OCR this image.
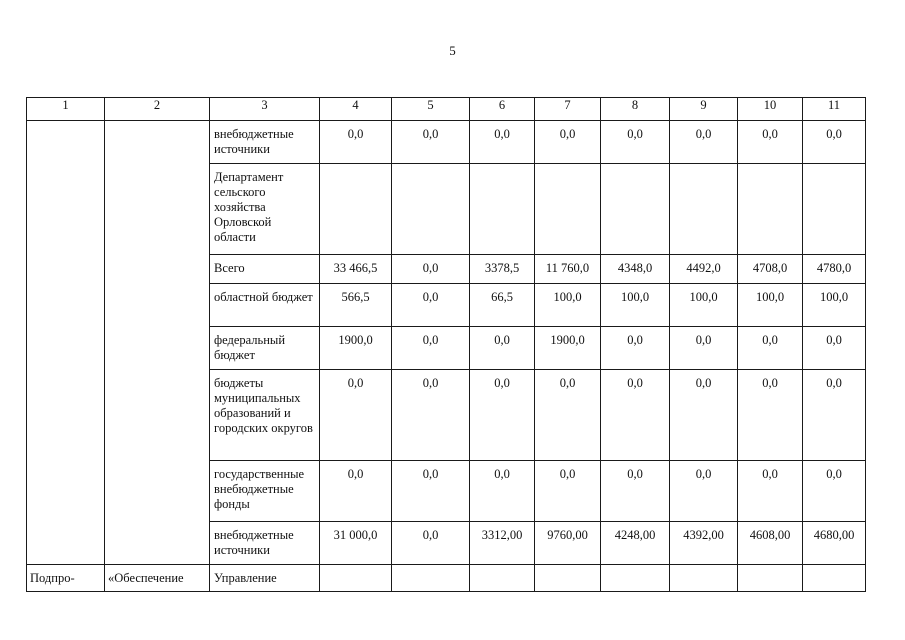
5
1	2	3	4	5	6	7	8	9	10	11

		внебюджетные источники	0,0	0,0	0,0	0,0	0,0	0,0	0,0	0,0

		Департамент сельского хозяйства Орловской области								

		Всего	33 466,5	0,0	3378,5	11 760,0	4348,0	4492,0	4708,0	4780,0

		областной бюджет	566,5	0,0	66,5	100,0	100,0	100,0	100,0	100,0

		федеральный бюджет	1900,0	0,0	0,0	1900,0	0,0	0,0	0,0	0,0

		бюджеты муниципальных образований и городских округов	0,0	0,0	0,0	0,0	0,0	0,0	0,0	0,0

		государственные внебюджетные фонды	0,0	0,0	0,0	0,0	0,0	0,0	0,0	0,0

		внебюджетные источники	31 000,0	0,0	3312,00	9760,00	4248,00	4392,00	4608,00	4680,00

Подпро-	«Обеспечение	Управление								
